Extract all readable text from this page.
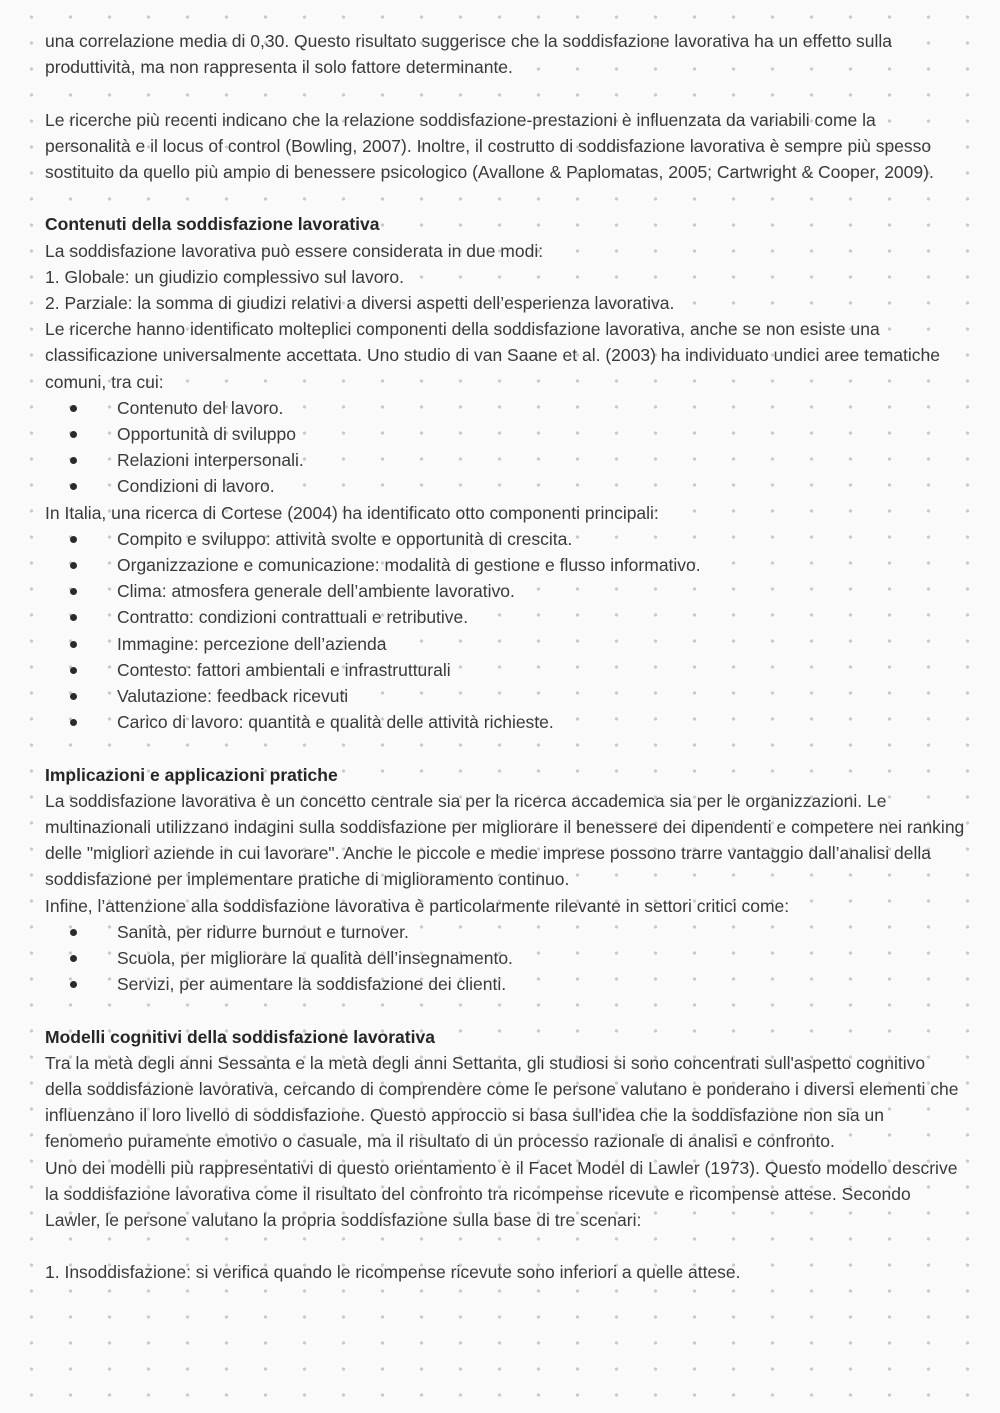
una correlazione media di 0,30. Questo risultato suggerisce che la soddisfazione lavorativa ha un effetto sulla produttività, ma non rappresenta il solo fattore determinante.

Le ricerche più recenti indicano che la relazione soddisfazione-prestazioni è influenzata da variabili come la personalità e il locus of control (Bowling, 2007). Inoltre, il costrutto di soddisfazione lavorativa è sempre più spesso sostituito da quello più ampio di benessere psicologico (Avallone & Paplomatas, 2005; Cartwright & Cooper, 2009).

Contenuti della soddisfazione lavorativa

La soddisfazione lavorativa può essere considerata in due modi:

1. Globale: un giudizio complessivo sul lavoro.

2. Parziale: la somma di giudizi relativi a diversi aspetti dell’esperienza lavorativa.

Le ricerche hanno identificato molteplici componenti della soddisfazione lavorativa, anche se non esiste una classificazione universalmente accettata. Uno studio di van Saane et al. (2003) ha individuato undici aree tematiche comuni, tra cui:

Contenuto del lavoro.
Opportunità di sviluppo
Relazioni interpersonali.
Condizioni di lavoro.

In Italia, una ricerca di Cortese (2004) ha identificato otto componenti principali:

Compito e sviluppo: attività svolte e opportunità di crescita.
Organizzazione e comunicazione: modalità di gestione e flusso informativo.
Clima: atmosfera generale dell’ambiente lavorativo.
Contratto: condizioni contrattuali e retributive.
Immagine: percezione dell’azienda
Contesto: fattori ambientali e infrastrutturali
Valutazione: feedback ricevuti
Carico di lavoro: quantità e qualità delle attività richieste.

Implicazioni e applicazioni pratiche

La soddisfazione lavorativa è un concetto centrale sia per la ricerca accademica sia per le organizzazioni. Le multinazionali utilizzano indagini sulla soddisfazione per migliorare il benessere dei dipendenti e competere nei ranking delle "migliori aziende in cui lavorare". Anche le piccole e medie imprese possono trarre vantaggio dall’analisi della soddisfazione per implementare pratiche di miglioramento continuo.

Infine, l’attenzione alla soddisfazione lavorativa è particolarmente rilevante in settori critici come:

Sanità, per ridurre burnout e turnover.
Scuola, per migliorare la qualità dell’insegnamento.
Servizi, per aumentare la soddisfazione dei clienti.

Modelli cognitivi della soddisfazione lavorativa

Tra la metà degli anni Sessanta e la metà degli anni Settanta, gli studiosi si sono concentrati sull'aspetto cognitivo della soddisfazione lavorativa, cercando di comprendere come le persone valutano e ponderano i diversi elementi che influenzano il loro livello di soddisfazione. Questo approccio si basa sull'idea che la soddisfazione non sia un fenomeno puramente emotivo o casuale, ma il risultato di un processo razionale di analisi e confronto.

Uno dei modelli più rappresentativi di questo orientamento è il Facet Model di Lawler (1973). Questo modello descrive la soddisfazione lavorativa come il risultato del confronto tra ricompense ricevute e ricompense attese. Secondo Lawler, le persone valutano la propria soddisfazione sulla base di tre scenari:

1. Insoddisfazione: si verifica quando le ricompense ricevute sono inferiori a quelle attese.
